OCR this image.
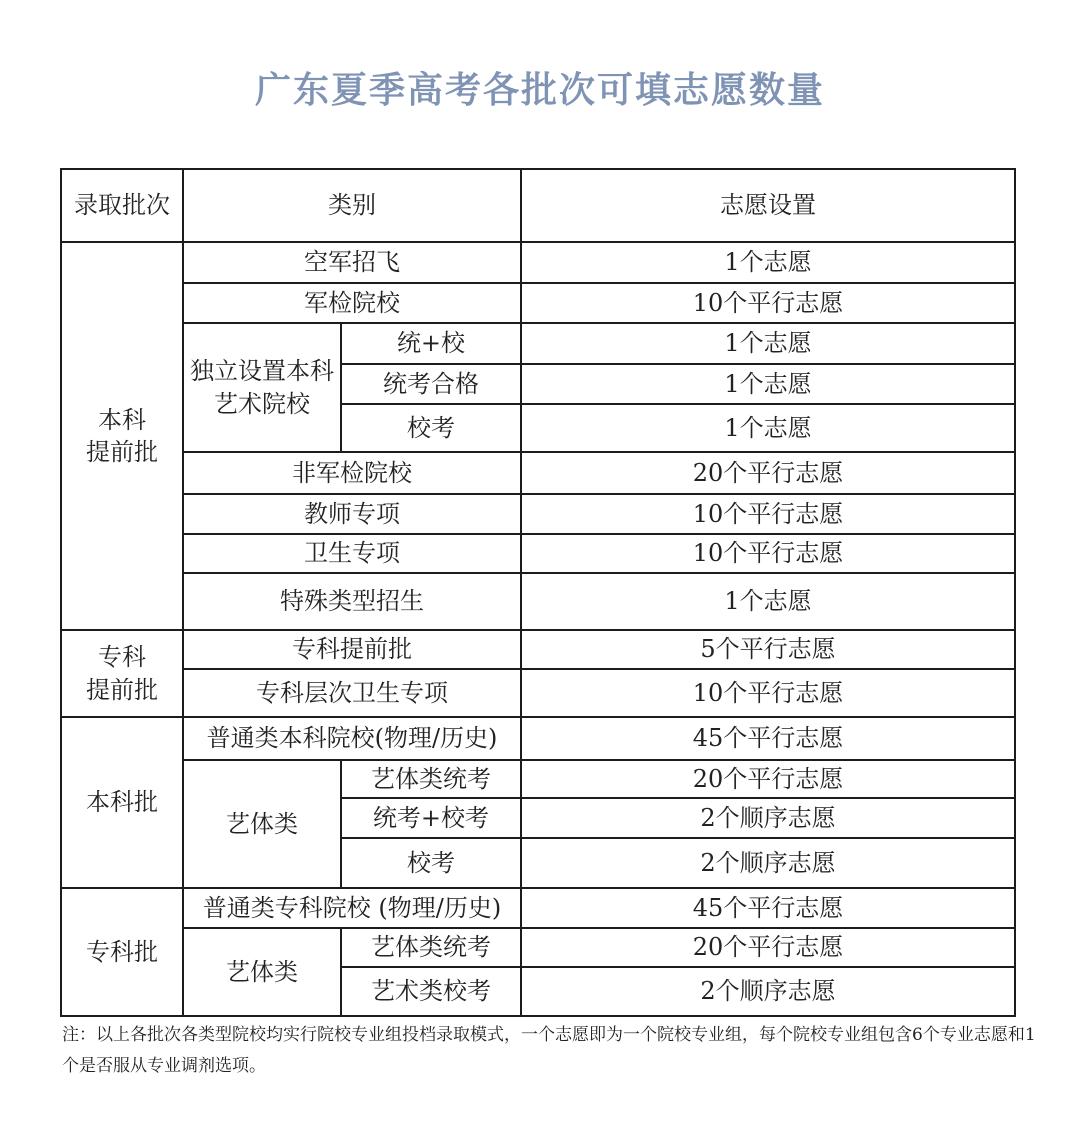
广东夏季高考各批次可填志愿数量
录取批次	类别		志愿设置
本科
提前批	空军招飞		1个志愿
	军检院校		10个平行志愿
	独立设置本科
艺术院校	统+校	1个志愿
		统考合格	1个志愿
		校考	1个志愿
	非军检院校		20个平行志愿
	教师专项		10个平行志愿
	卫生专项		10个平行志愿
	特殊类型招生		1个志愿
专科
提前批	专科提前批		5个平行志愿
	专科层次卫生专项		10个平行志愿
本科批	普通类本科院校(物理/历史)		45个平行志愿
	艺体类	艺体类统考	20个平行志愿
		统考+校考	2个顺序志愿
		校考	2个顺序志愿
专科批	普通类专科院校 (物理/历史)		45个平行志愿
	艺体类	艺体类统考	20个平行志愿
		艺术类校考	2个顺序志愿
注：以上各批次各类型院校均实行院校专业组投档录取模式，一个志愿即为一个院校专业组，每个院校专业组包含6个专业志愿和1个是否服从专业调剂选项。
